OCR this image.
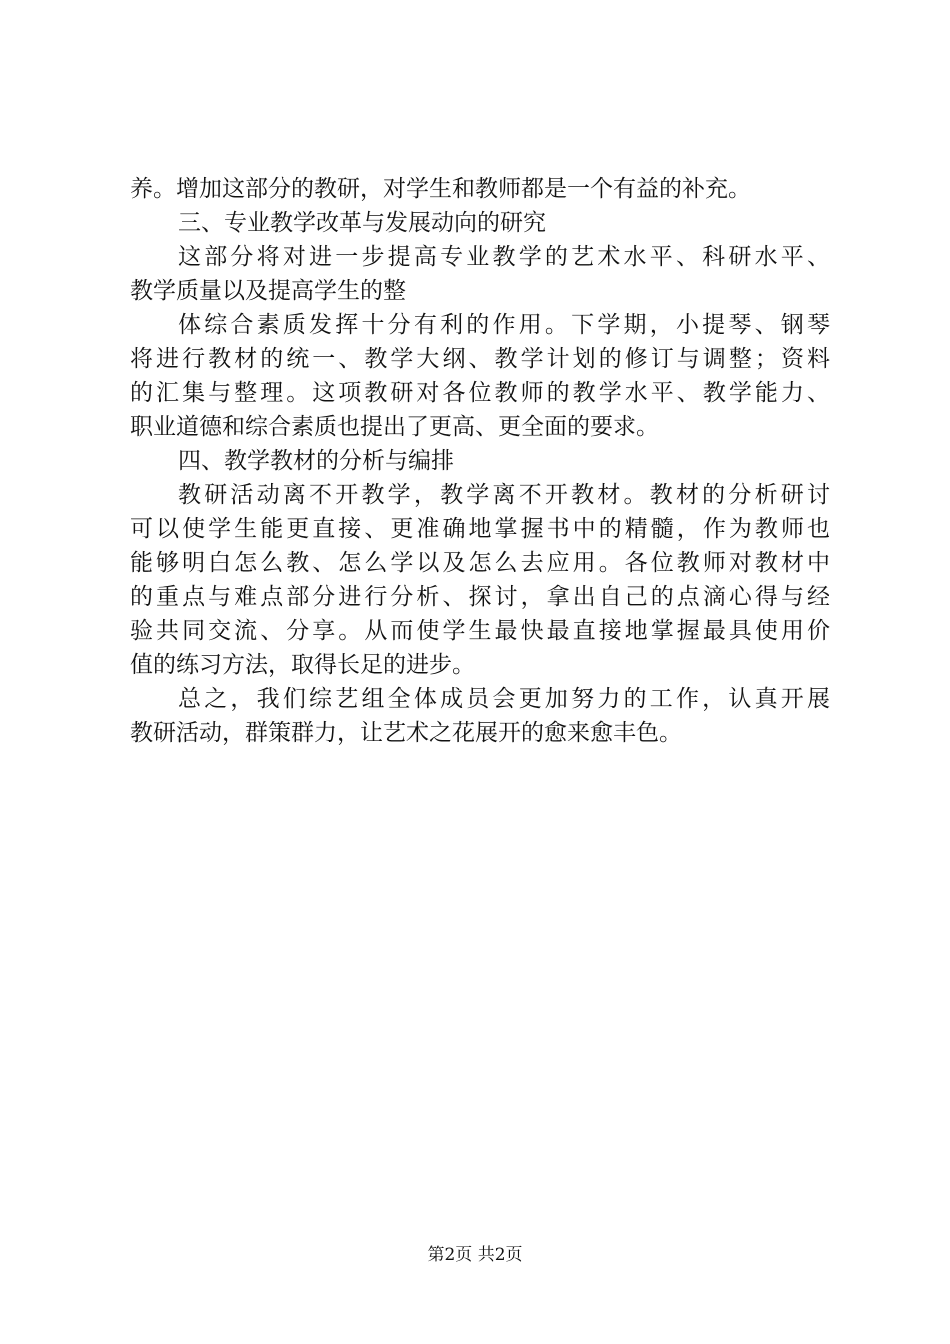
养。增加这部分的教研，对学生和教师都是一个有益的补充。
三、专业教学改革与发展动向的研究
这部分将对进一步提高专业教学的艺术水平、科研水平、
教学质量以及提高学生的整
体综合素质发挥十分有利的作用。下学期，小提琴、钢琴
将进行教材的统一、教学大纲、教学计划的修订与调整；资料
的汇集与整理。这项教研对各位教师的教学水平、教学能力、
职业道德和综合素质也提出了更高、更全面的要求。
四、教学教材的分析与编排
教研活动离不开教学，教学离不开教材。教材的分析研讨
可以使学生能更直接、更准确地掌握书中的精髓，作为教师也
能够明白怎么教、怎么学以及怎么去应用。各位教师对教材中
的重点与难点部分进行分析、探讨，拿出自己的点滴心得与经
验共同交流、分享。从而使学生最快最直接地掌握最具使用价
值的练习方法，取得长足的进步。
总之，我们综艺组全体成员会更加努力的工作，认真开展
教研活动，群策群力，让艺术之花展开的愈来愈丰色。
第2页 共2页
